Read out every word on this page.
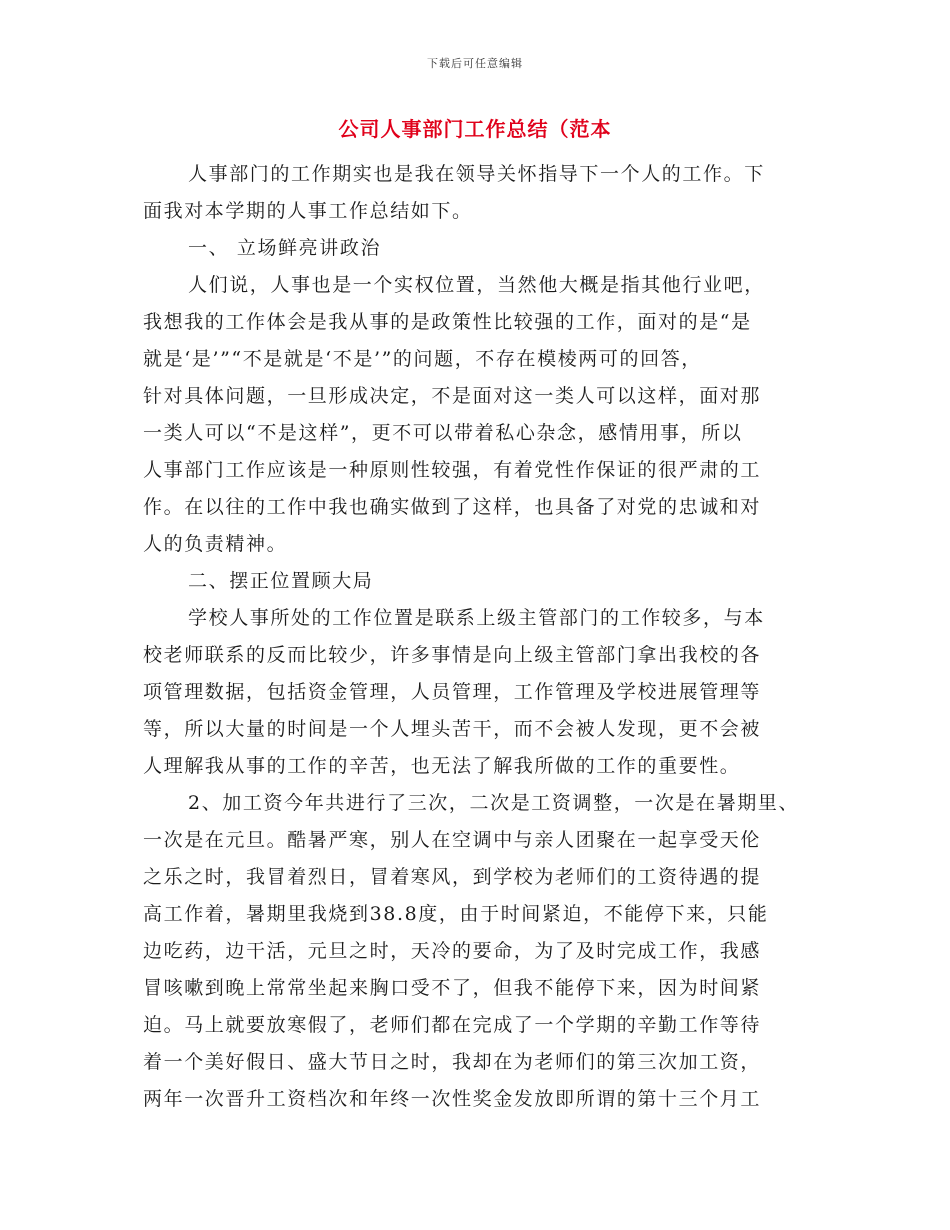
下载后可任意编辑
公司人事部门工作总结（范本
人事部门的工作期实也是我在领导关怀指导下一个人的工作。下
面我对本学期的人事工作总结如下。
一、 立场鲜亮讲政治
人们说，人事也是一个实权位置，当然他大概是指其他行业吧，
我想我的工作体会是我从事的是政策性比较强的工作，面对的是“是
就是‘是’”“不是就是‘不是’”的问题，不存在模棱两可的回答，
针对具体问题，一旦形成决定，不是面对这一类人可以这样，面对那
一类人可以“不是这样”，更不可以带着私心杂念，感情用事，所以
人事部门工作应该是一种原则性较强，有着党性作保证的很严肃的工
作。在以往的工作中我也确实做到了这样，也具备了对党的忠诚和对
人的负责精神。
二、摆正位置顾大局
学校人事所处的工作位置是联系上级主管部门的工作较多，与本
校老师联系的反而比较少，许多事情是向上级主管部门拿出我校的各
项管理数据，包括资金管理，人员管理，工作管理及学校进展管理等
等，所以大量的时间是一个人埋头苦干，而不会被人发现，更不会被
人理解我从事的工作的辛苦，也无法了解我所做的工作的重要性。
2、加工资今年共进行了三次，二次是工资调整，一次是在暑期里、
一次是在元旦。酷暑严寒，别人在空调中与亲人团聚在一起享受天伦
之乐之时，我冒着烈日，冒着寒风，到学校为老师们的工资待遇的提
高工作着，暑期里我烧到38.8度，由于时间紧迫，不能停下来，只能
边吃药，边干活，元旦之时，天冷的要命，为了及时完成工作，我感
冒咳嗽到晚上常常坐起来胸口受不了，但我不能停下来，因为时间紧
迫。马上就要放寒假了，老师们都在完成了一个学期的辛勤工作等待
着一个美好假日、盛大节日之时，我却在为老师们的第三次加工资，
两年一次晋升工资档次和年终一次性奖金发放即所谓的第十三个月工
